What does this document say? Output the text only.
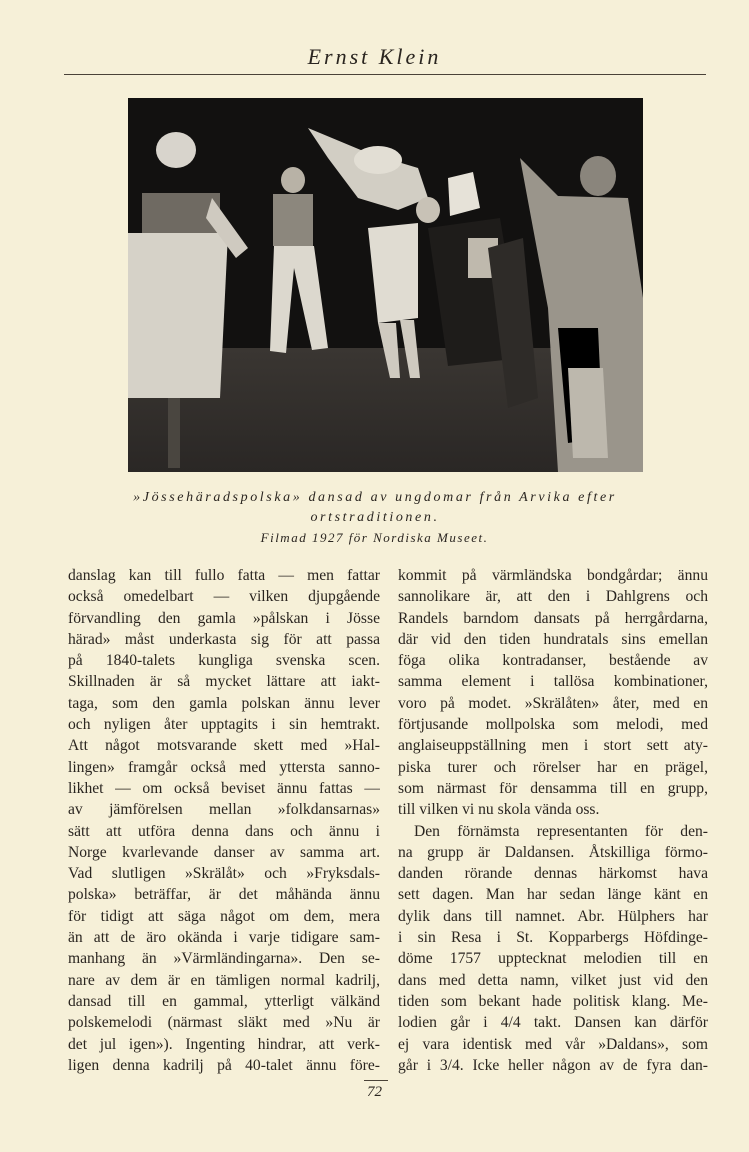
Ernst Klein
»Jössehäradspolska» dansad av ungdomar från Arvika efter
ortstraditionen.
Filmad 1927 för Nordiska Museet.
danslag kan till fullo fatta — men fattar
också omedelbart — vilken djupgående
förvandling den gamla »pålskan i Jösse
härad» måst underkasta sig för att passa
på 1840-talets kungliga svenska scen.
Skillnaden är så mycket lättare att iakt-
taga, som den gamla polskan ännu lever
och nyligen åter upptagits i sin hemtrakt.
Att något motsvarande skett med »Hal-
lingen» framgår också med yttersta sanno-
likhet — om också beviset ännu fattas —
av jämförelsen mellan »folkdansarnas»
sätt att utföra denna dans och ännu i
Norge kvarlevande danser av samma art.
Vad slutligen »Skrälåt» och »Fryksdals-
polska» beträffar, är det måhända ännu
för tidigt att säga något om dem, mera
än att de äro okända i varje tidigare sam-
manhang än »Värmländingarna». Den se-
nare av dem är en tämligen normal kadrilj,
dansad till en gammal, ytterligt välkänd
polskemelodi (närmast släkt med »Nu är
det jul igen»). Ingenting hindrar, att verk-
ligen denna kadrilj på 40-talet ännu före-
kommit på värmländska bondgårdar; ännu
sannolikare är, att den i Dahlgrens och
Randels barndom dansats på herrgårdarna,
där vid den tiden hundratals sins emellan
föga olika kontradanser, bestående av
samma element i tallösa kombinationer,
voro på modet. »Skrälåten» åter, med en
förtjusande mollpolska som melodi, med
anglaiseuppställning men i stort sett aty-
piska turer och rörelser har en prägel,
som närmast för densamma till en grupp,
till vilken vi nu skola vända oss.
Den förnämsta representanten för den-
na grupp är Daldansen. Åtskilliga förmo-
danden rörande dennas härkomst hava
sett dagen. Man har sedan länge känt en
dylik dans till namnet. Abr. Hülphers har
i sin Resa i St. Kopparbergs Höfdinge-
döme 1757 upptecknat melodien till en
dans med detta namn, vilket just vid den
tiden som bekant hade politisk klang. Me-
lodien går i 4/4 takt. Dansen kan därför
ej vara identisk med vår »Daldans», som
går i 3/4. Icke heller någon av de fyra dan-
72
